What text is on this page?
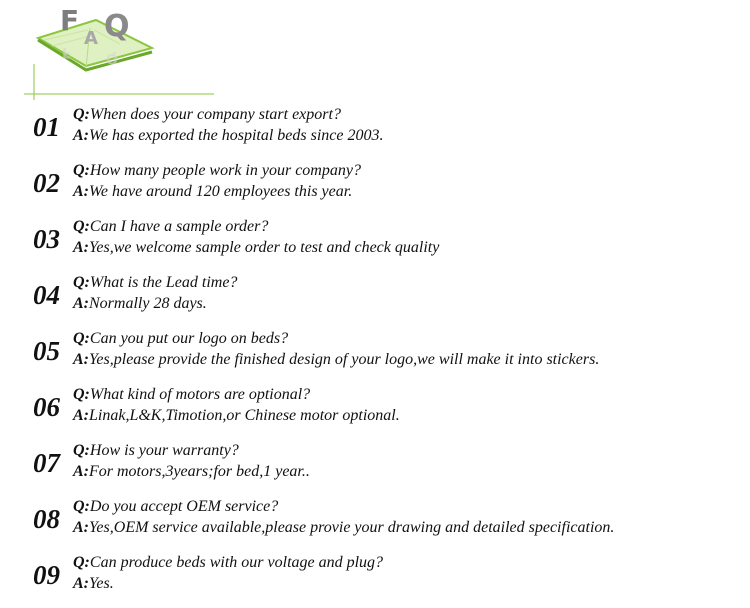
F
A Q
F Q
01 Q:When does your company start export?
A:We has exported the hospital beds since 2003.
02 Q:How many people work in your company?
A:We have around 120 employees this year.
03 Q:Can I have a sample order?
A:Yes,we welcome sample order to test and check quality
04 Q:What is the Lead time?
A:Normally 28 days.
05 Q:Can you put our logo on beds?
A:Yes,please provide the finished design of your logo,we will make it into stickers.
06 Q:What kind of motors are optional?
A:Linak,L&K,Timotion,or Chinese motor optional.
07 Q:How is your warranty?
A:For motors,3years;for bed,1 year..
08 Q:Do you accept OEM service?
A:Yes,OEM service available,please provie your drawing and detailed specification.
09 Q:Can produce beds with our voltage and plug?
A:Yes.
